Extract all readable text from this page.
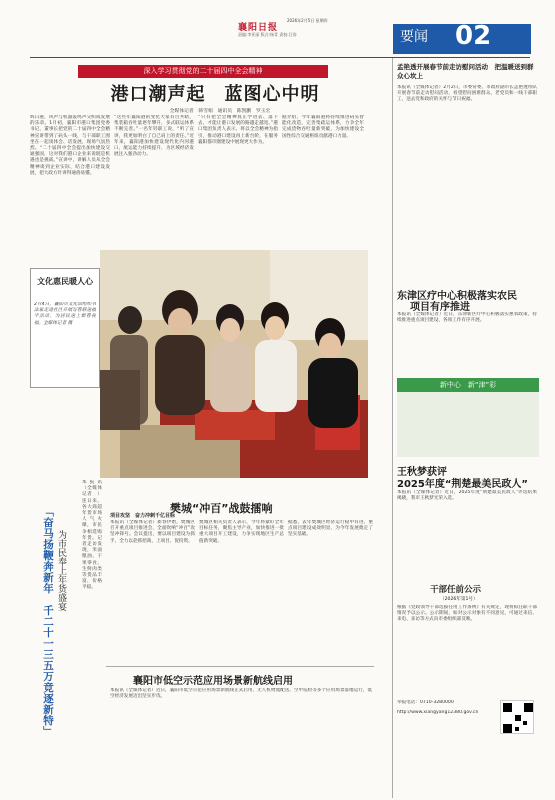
襄阳日报
2026年2月5日 星期四
责编:李亚丽 版式:杨青 责校:汪涛	要闻 02
深入学习贯彻党的二十届四中全会精神
港口潮声起　蓝图心中明
全媒体记者　韩雪娟　通讯员　陈凯鹏　罗玉宏
辉日港，风声与机器轰鸣声交织成发展的乐章。1月初，襄阳市港口集团党委书记、董事长把党的二十届四中全会精神宣讲带到了码头一线，与干部职工围坐在一起谈体会、话发展，现场气氛热烈。“二十届四中全会提出加快建设交通强国，这对我们港口企业来说既是机遇也是挑战。”宣讲中，讲解人员从全会精神谈到企业实际，结合港口建设发展，把大政方针讲得通俗易懂。
“这些年襄阳港的变化大家有目共睹，集装箱吞吐量逐年攀升，多式联运体系不断完善。”一名年轻职工说，“听了宣讲，我更加明白了自己肩上的责任。”近年来，襄阳港加快建设现代化内河港口，航运能力持续提升，为区域经济发展注入强劲动力。
“只有把全会精神真正学进去、落下去，才能让港口发展的路越走越宽。”港口集团负责人表示，将以全会精神为指引，推动港口建设再上新台阶，在服务襄阳都市圈建设中展现更大作为。
据介绍，今年襄阳港将持续推进码头智能化改造，完善集疏运体系，力争全年完成货物吞吐量新突破，为加快建设全国性综合交通枢纽贡献港口力量。
文化惠民暖人心
2月4日，襄阳市文化馆组织书法家走进社区开展写春联送福字活动，为居民送上新春祝福。全媒体记者 摄
本报讯（全媒体记者　）连日来，各大商超年货市场人气火爆，市民争相选购年货。记者走访发现，米面粮油、干果零食、生鲜肉类等货品丰富，价格平稳。
「奋马扬鞭奔新年　千二十一三五万竞逐新特」 为市民奉上年货盛宴
樊城“冲百”战鼓擂响
本报讯（全媒体记者）新春伊始，樊城区召开重点项目推进会，全面吹响“冲百”攻坚冲锋号。会议提出，要以项目建设为抓手，全力以赴抓招商、上项目、促投资。
樊城区相关负责人表示，今年将紧盯全年目标任务，聚焦主导产业，加快推进一批重大项目开工建设，力争实现地区生产总值新突破。
据悉，去年樊城区经济运行稳中有进，重点项目建设成效明显，为今年发展奠定了坚实基础。
项目攻坚　奋力冲刺千亿目标
襄阳市低空示范应用场景新航线启用
本报讯（全媒体记者）近日，襄阳市低空示范应用场景新航线正式启用，无人机物流配送、空中巡检等多个应用场景落地运行，低空经济发展迈出坚实步伐。
孟艳透开展春节前走访慰问活动　把温暖送到群众心坎上
本报讯（全媒体记者）2月2日，市委常委、市政府副市长孟艳透带队开展春节前走访慰问活动，看望慰问困难群众、老党员和一线干部职工，送去党和政府的关怀与节日祝福。
东津区疗中心积极落实农民
项目有序推进
本报讯（全媒体记者）近日，东津新区疗中心积极落实惠农政策，持续推进重点项目建设，各项工作有序开展。
新中心　新“津”彩
王秋梦获评
2025年度“荆楚最美民政人”
本报讯（全媒体记者）近日，2025年度“荆楚最美民政人”评选结果揭晓，我市王秋梦光荣入选。
干部任前公示
（2026年第1号）
根据《党政领导干部选拔任用工作条例》有关规定，现将拟任职干部情况予以公示。公示期间，如对公示对象有不同意见，可通过来信、来电、来访等方式向市委组织部反映。
举报电话：0710-3280000
http://www.xiangyang12380.gov.cn
